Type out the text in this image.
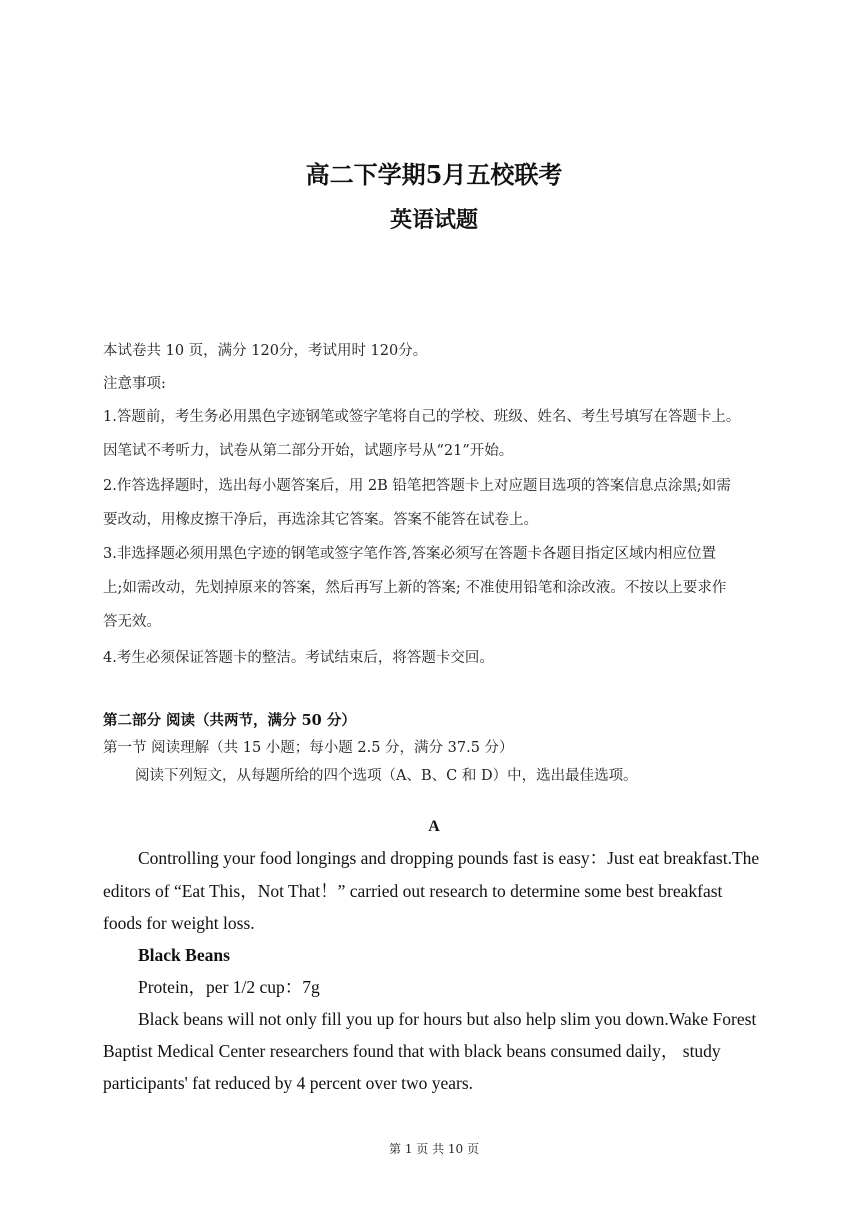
高二下学期5月五校联考
英语试题
本试卷共 10 页，满分 120分，考试用时 120分。
注意事项:
1.答题前，考生务必用黑色字迹钢笔或签字笔将自己的学校、班级、姓名、考生号填写在答题卡上。
因笔试不考听力，试卷从第二部分开始，试题序号从“21”开始。
2.作答选择题时，选出每小题答案后，用 2B 铅笔把答题卡上对应题目选项的答案信息点涂黑;如需
要改动，用橡皮擦干净后，再选涂其它答案。答案不能答在试卷上。
3.非选择题必须用黑色字迹的钢笔或签字笔作答,答案必须写在答题卡各题目指定区域内相应位置
上;如需改动，先划掉原来的答案，然后再写上新的答案; 不准使用铅笔和涂改液。不按以上要求作
答无效。
4.考生必须保证答题卡的整洁。考试结束后，将答题卡交回。
第二部分 阅读（共两节，满分 50 分）
第一节 阅读理解（共 15 小题；每小题 2.5 分，满分 37.5 分）
阅读下列短文，从每题所给的四个选项（A、B、C 和 D）中，选出最佳选项。
A
Controlling your food longings and dropping pounds fast is easy：Just eat breakfast.The
editors of “Eat This，Not That！” carried out research to determine some best breakfast
foods for weight loss.
Black Beans
Protein，per 1/2 cup：7g
Black beans will not only fill you up for hours but also help slim you down.Wake Forest
Baptist Medical Center researchers found that with black beans consumed daily， study
participants' fat reduced by 4 percent over two years.
第 1 页 共 10 页
